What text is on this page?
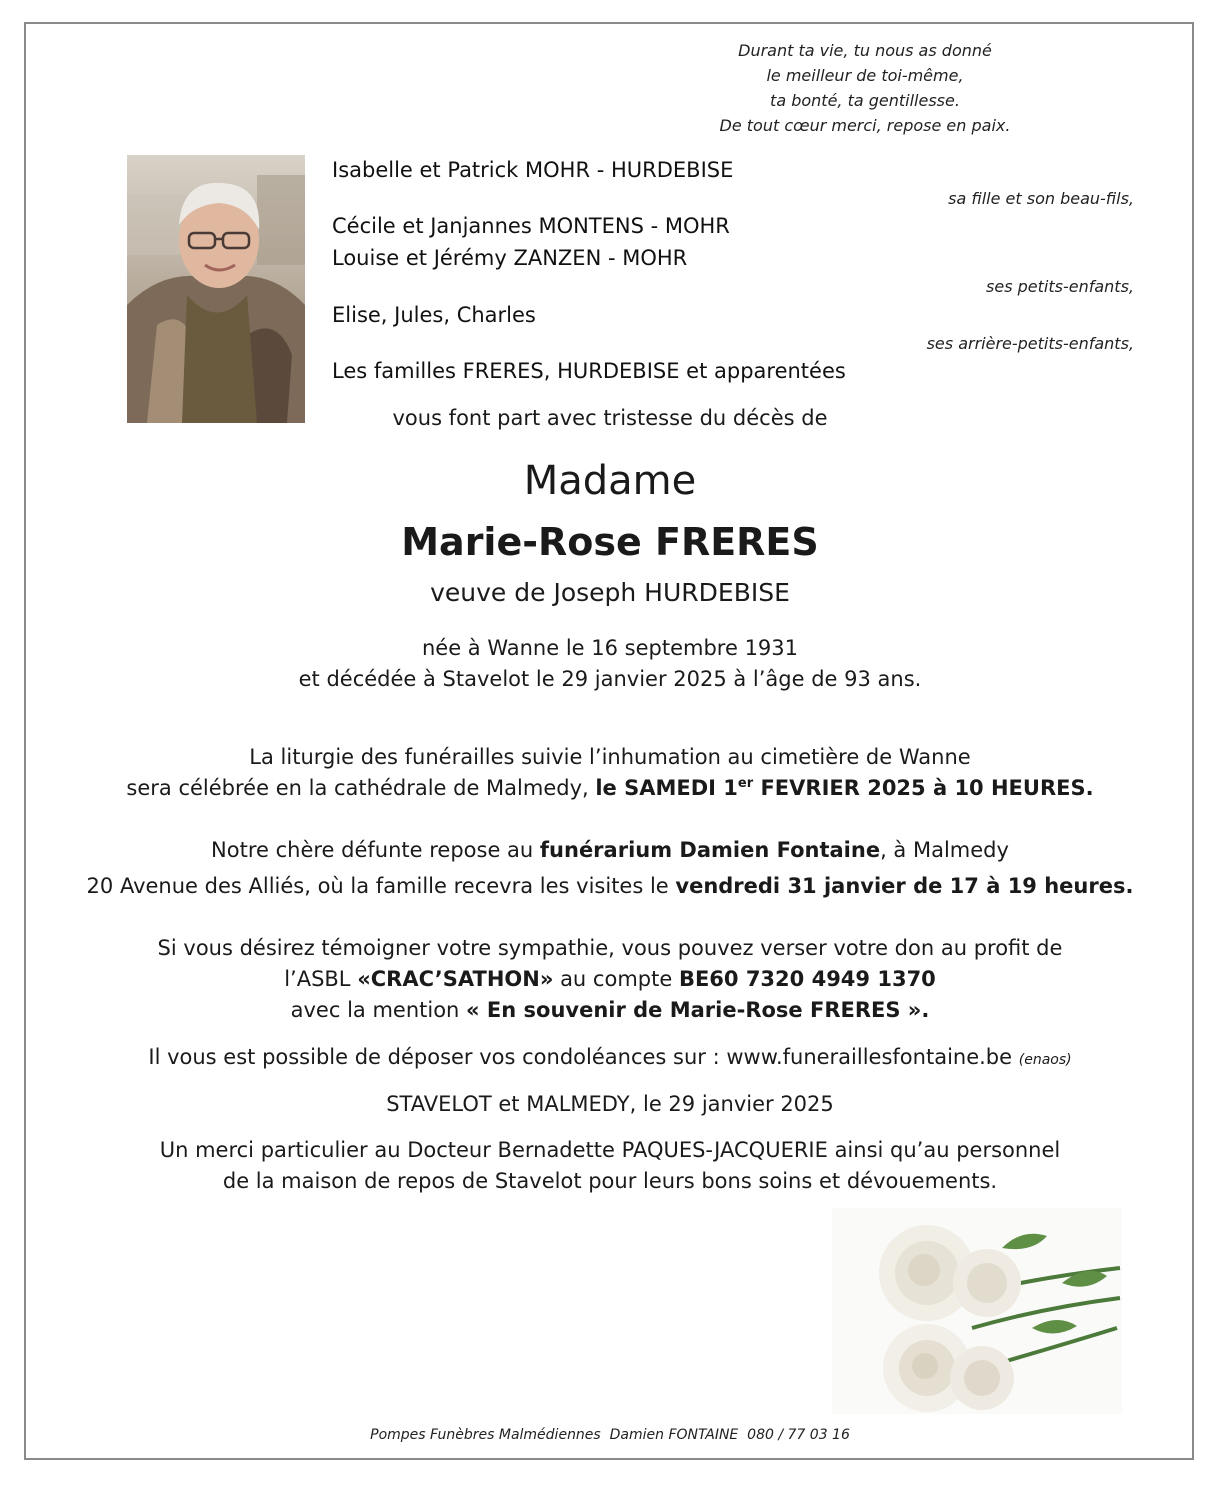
Durant ta vie, tu nous as donné
le meilleur de toi-même,
ta bonté, ta gentillesse.
De tout cœur merci, repose en paix.
Isabelle et Patrick MOHR - HURDEBISE
sa fille et son beau-fils,
Cécile et Janjannes MONTENS - MOHR
Louise et Jérémy ZANZEN - MOHR
ses petits-enfants,
Elise, Jules, Charles
ses arrière-petits-enfants,
Les familles FRERES, HURDEBISE et apparentées
vous font part avec tristesse du décès de
Madame
Marie-Rose FRERES
veuve de Joseph HURDEBISE
née à Wanne le 16 septembre 1931
et décédée à Stavelot le 29 janvier 2025 à l’âge de 93 ans.
La liturgie des funérailles suivie l’inhumation au cimetière de Wanne
sera célébrée en la cathédrale de Malmedy, le SAMEDI 1er FEVRIER 2025 à 10 HEURES.
Notre chère défunte repose au funérarium Damien Fontaine, à Malmedy
20 Avenue des Alliés, où la famille recevra les visites le vendredi 31 janvier de 17 à 19 heures.
Si vous désirez témoigner votre sympathie, vous pouvez verser votre don au profit de
l’ASBL «CRAC’SATHON» au compte BE60 7320 4949 1370
avec la mention « En souvenir de Marie-Rose FRERES ».
Il vous est possible de déposer vos condoléances sur : www.funeraillesfontaine.be (enaos)
STAVELOT et MALMEDY, le 29 janvier 2025
Un merci particulier au Docteur Bernadette PAQUES-JACQUERIE ainsi qu’au personnel
de la maison de repos de Stavelot pour leurs bons soins et dévouements.
Pompes Funèbres Malmédiennes  Damien FONTAINE  080 / 77 03 16
